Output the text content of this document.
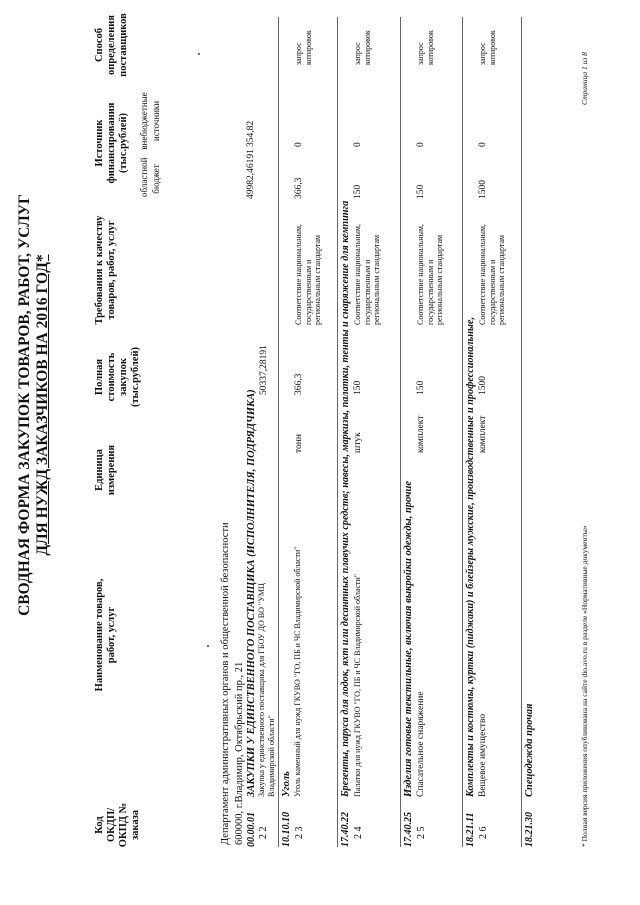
СВОДНАЯ ФОРМА ЗАКУПОК ТОВАРОВ, РАБОТ, УСЛУГ ДЛЯ НУЖД ЗАКАЗЧИКОВ НА 2016 ГОД*
Код ОКДП/ ОКПД № заказа
Наименование товаров, работ, услуг
Единица измерения
Полная стоимость закупок (тыс.рублей)
Требования к качеству товаров, работ, услуг
Источник финансирования (тыс.рублей)
областной бюджет
внебюджетные источники
Способ определения поставщиков
Департамент административных органов и общественной безопасности 600000, г.Владимир, Октябрьский пр., 21 00.00.01
ЗАКУПКИ У ЕДИНСТВЕННОГО ПОСТАВЩИКА (ИСПОЛНИТЕЛЯ, ПОДРЯДЧИКА)
2 2
Закупка у единственного поставщика для ГБОУ ДО ВО "УМЦ Владимирской области"
50337,28191
49982,46191
354,82
10.10.10
Уголь
2 3
Уголь каменный для нужд ГКУВО "ГО, ПБ и ЧС Владимирской области"
тонн
366,3
Соответствие национальным, государственным и региональным стандартам
366,3
0
запрос котировок
17.40.22
Брезенты, паруса для лодок, яхт или десантных плавучих средств; навесы, маркизы, палатки, тенты и снаряжение для кемпинга
2 4
Палатки для нужд ГКУВО "ГО, ПБ и ЧС Владимирской области"
штук
150
Соответствие национальным, государственным и региональным стандартам
150
0
запрос котировок
17.40.25
Изделия готовые текстильные, включая выкройки одежды, прочие
2 5
Спасательное снаряжение
комплект
150
Соответствие национальным, государственным и региональным стандартам
150
0
запрос котировок
18.21.11
Комплекты и костюмы, куртки (пиджаки) и блейзеры мужские, производственные и профессиональные,
2 6
Вещевое имущество
комплект
1500
Соответствие национальным, государственным и региональным стандартам
1500
0
запрос котировок
18.21.30
Спецодежда прочая	* Полная версия приложения опубликована на сайте dio.avo.ru в разделе «Нормативные документы»
Страница 1 из 8
